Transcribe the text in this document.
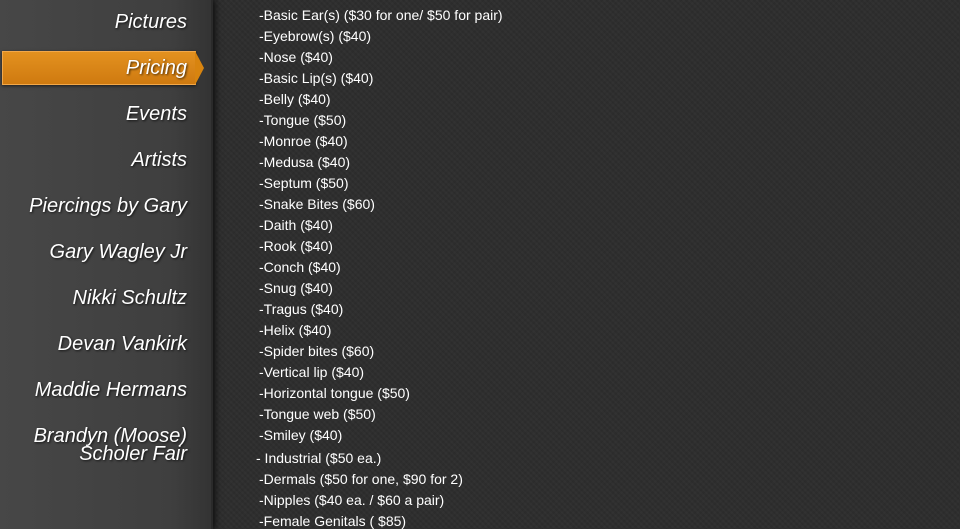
Pictures
Pricing
Events
Artists
Piercings by Gary
Gary Wagley Jr
Nikki Schultz
Devan Vankirk
Maddie Hermans
Brandyn (Moose) Scholer Fair
-Basic Ear(s) ($30 for one/ $50 for pair)
-Eyebrow(s) ($40)
-Nose ($40)
-Basic Lip(s) ($40)
-Belly ($40)
-Tongue ($50)
-Monroe ($40)
-Medusa ($40)
-Septum ($50)
-Snake Bites ($60)
-Daith ($40)
-Rook ($40)
-Conch ($40)
-Snug ($40)
-Tragus ($40)
-Helix ($40)
-Spider bites ($60)
-Vertical lip ($40)
-Horizontal tongue ($50)
-Tongue web ($50)
-Smiley ($40)
- Industrial ($50 ea.)
-Dermals ($50 for one, $90 for 2)
-Nipples ($40 ea. / $60 a pair)
-Female Genitals ( $85)
